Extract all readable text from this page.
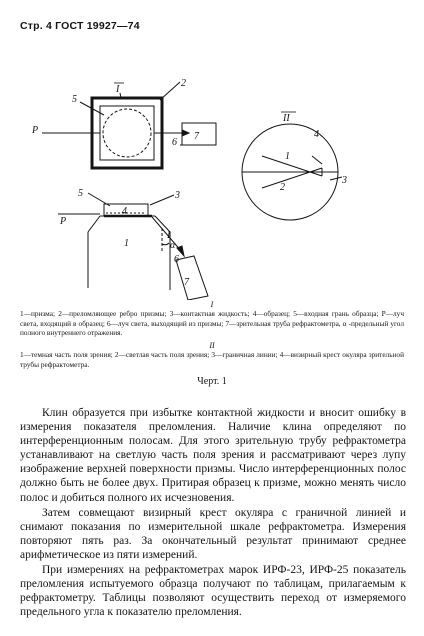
Стр. 4 ГОСТ 19927—74
I
2
5
P
6
7
II
4
1
2
3
5	3
4
P
1
I
α
6
7
I
1—призма; 2—преломляющее ребро призмы; 3—контактная жидкость; 4—образец; 5—входная грань образца; P—луч света, входящий в образец; 6—луч света, выходящий из призмы; 7—зрительная труба рефрактометра, α -предельный угол полного внутреннего отражения.
II
1—темная часть поля зрения; 2—светлая часть поля зрения; 3—граничная линии; 4—визирный крест окуляра зрительной трубы рефрактометра.
Черт. 1

Клин образуется при избытке контактной жидкости и вносит ошибку в измерения показателя преломления. Наличие клина определяют по интерференционным полосам. Для этого зрительную трубу рефрактометра устанавливают на светлую часть поля зрения и рассматривают через лупу изображение верхней поверхности призмы. Число интерференционных полос должно быть не более двух. Притирая образец к призме, можно менять число полос и добиться полного их исчезновения.

Затем совмещают визирный крест окуляра с граничной линией и снимают показания по измерительной шкале рефрактометра. Измерения повторяют пять раз. За окончательный результат принимают среднее арифметическое из пяти измерений.

При измерениях на рефрактометрах марок ИРФ-23, ИРФ-25 показатель преломления испытуемого образца получают по таблицам, прилагаемым к рефрактометру. Таблицы позволяют осуществить переход от измеряемого предельного угла к показателю преломления.
